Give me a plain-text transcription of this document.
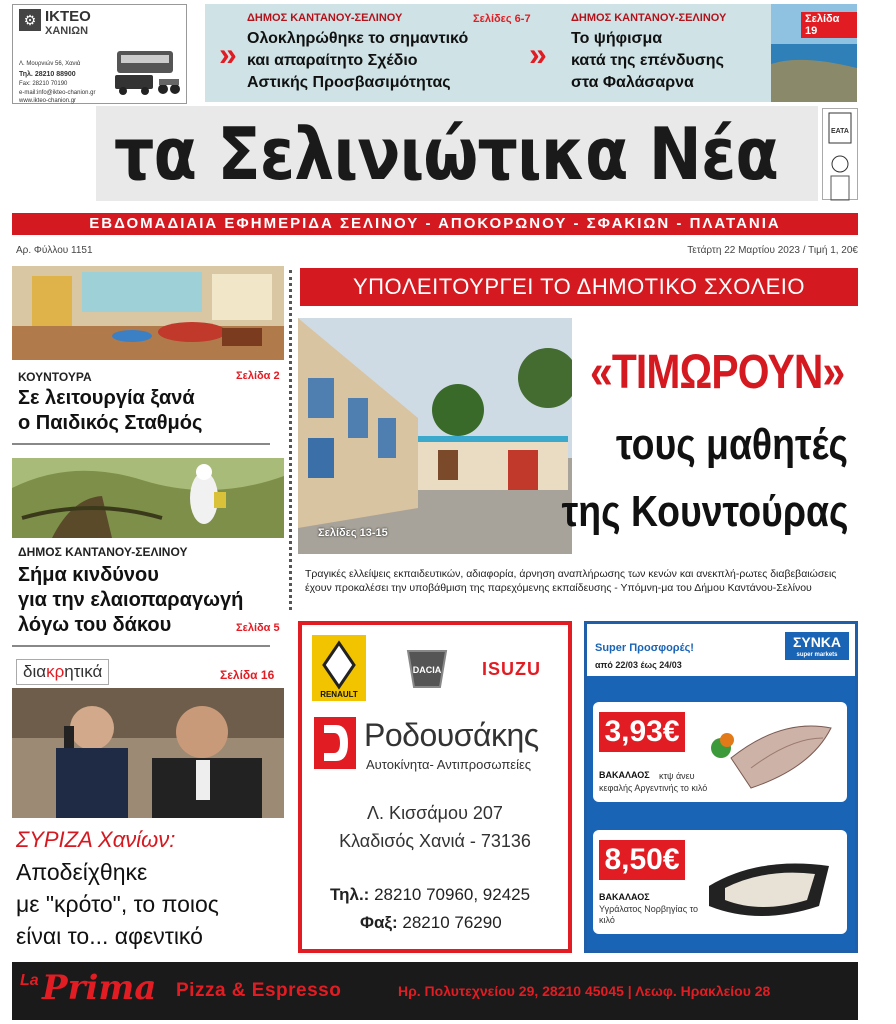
⚙ ΙΚΤΕΟ
ΧΑΝΙΩΝ
Λ. Μουρνιών 56, Χανιά
Τηλ. 28210 88900
Fax: 28210 70190
e-mail:info@ikteo-chanion.gr
www.ikteo-chanion.gr
ΔΗΜΟΣ ΚΑΝΤΑΝΟΥ-ΣΕΛΙΝΟΥ	Σελίδες 6-7
» Ολοκληρώθηκε το σημαντικό
και απαραίτητο Σχέδιο
Αστικής Προσβασιμότητας
ΔΗΜΟΣ ΚΑΝΤΑΝΟΥ-ΣΕΛΙΝΟΥ
» Το ψήφισμα
κατά της επένδυσης
στα Φαλάσαρνα
Σελίδα 19
τα Σελινιώτικα Νέα	ΕΑΤΑ

ΕΒΔΟΜΑΔΙΑΙΑ ΕΦΗΜΕΡΙΔΑ ΣΕΛΙΝΟΥ - ΑΠΟΚΟΡΩΝΟΥ - ΣΦΑΚΙΩΝ - ΠΛΑΤΑΝΙΑ
Αρ. Φύλλου 1151	Τετάρτη 22 Μαρτίου 2023 / Τιμή 1, 20€
ΚΟΥΝΤΟΥΡΑ	Σελίδα 2
Σε λειτουργία ξανά
ο Παιδικός Σταθμός
ΔΗΜΟΣ ΚΑΝΤΑΝΟΥ-ΣΕΛΙΝΟΥ
Σήμα κινδύνου
για την ελαιοπαραγωγή
λόγω του δάκου	Σελίδα 5
διακρητικά	Σελίδα 16
ΣΥΡΙΖΑ Χανίων:
Αποδείχθηκε
με "κρότο", το ποιος
είναι το... αφεντικό
ΥΠΟΛΕΙΤΟΥΡΓΕΙ ΤΟ ΔΗΜΟΤΙΚΟ ΣΧΟΛΕΙΟ
Σελίδες 13-15
«ΤΙΜΩΡΟΥΝ»
τους μαθητές
της Κουντούρας
Τραγικές ελλείψεις εκπαιδευτικών, αδιαφορία, άρνηση αναπλήρωσης των κενών και ανεκπλή-ρωτες διαβεβαιώσεις έχουν προκαλέσει την υποβάθμιση της παρεχόμενης εκπαίδευσης - Υπόμνη-μα του Δήμου Καντάνου-Σελίνου
RENAULT
DACIA ISUZU
Ροδουσάκης
Αυτοκίνητα- Αντιπροσωπείες
Λ. Κισσάμου 207
Κλαδισός Χανιά - 73136
Τηλ.: 28210 70960, 92425
Φαξ: 28210 76290
Super Προσφορές!
από 22/03 έως 24/03
ΣΥΝΚΑ
super markets
3,93€
ΒΑΚΑΛΑΟΣ	κτψ άνευ κεφαλής Αργεντινής το κιλό
8,50€
ΒΑΚΑΛΑΟΣ
Υγράλατος Νορβηγίας το κιλό
La Prima Pizza & Espresso	Ηρ. Πολυτεχνείου 29, 28210 45045 | Λεωφ. Ηρακλείου 28
